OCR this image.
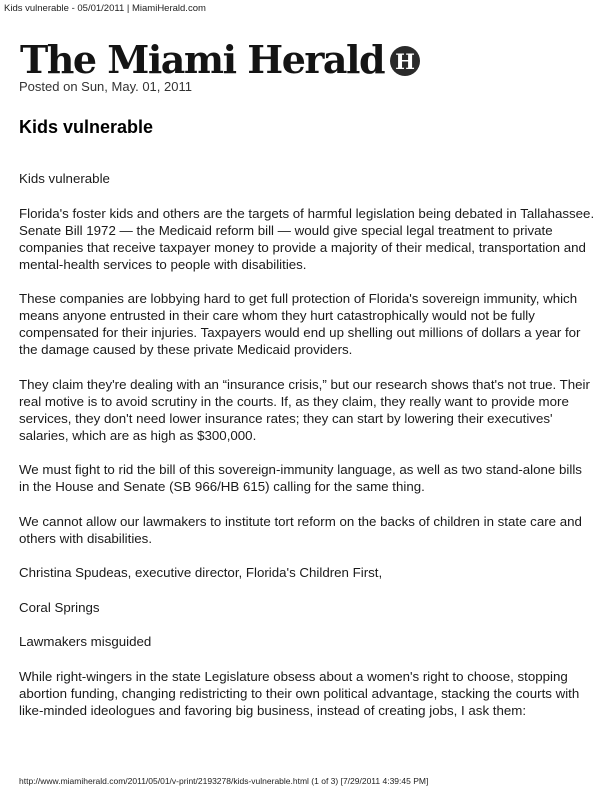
Kids vulnerable - 05/01/2011 | MiamiHerald.com
The Miami Herald H
Posted on Sun, May. 01, 2011
Kids vulnerable

Kids vulnerable

Florida's foster kids and others are the targets of harmful legislation being debated in Tallahassee. Senate Bill 1972 — the Medicaid reform bill — would give special legal treatment to private companies that receive taxpayer money to provide a majority of their medical, transportation and mental-health services to people with disabilities.

These companies are lobbying hard to get full protection of Florida's sovereign immunity, which means anyone entrusted in their care whom they hurt catastrophically would not be fully compensated for their injuries. Taxpayers would end up shelling out millions of dollars a year for the damage caused by these private Medicaid providers.

They claim they're dealing with an “insurance crisis,” but our research shows that's not true. Their real motive is to avoid scrutiny in the courts. If, as they claim, they really want to provide more services, they don't need lower insurance rates; they can start by lowering their executives' salaries, which are as high as $300,000.

We must fight to rid the bill of this sovereign-immunity language, as well as two stand-alone bills in the House and Senate (SB 966/HB 615) calling for the same thing.

We cannot allow our lawmakers to institute tort reform on the backs of children in state care and others with disabilities.

Christina Spudeas, executive director, Florida's Children First,

Coral Springs

Lawmakers misguided

While right-wingers in the state Legislature obsess about a women's right to choose, stopping abortion funding, changing redistricting to their own political advantage, stacking the courts with like-minded ideologues and favoring big business, instead of creating jobs, I ask them:

http://www.miamiherald.com/2011/05/01/v-print/2193278/kids-vulnerable.html (1 of 3) [7/29/2011 4:39:45 PM]
